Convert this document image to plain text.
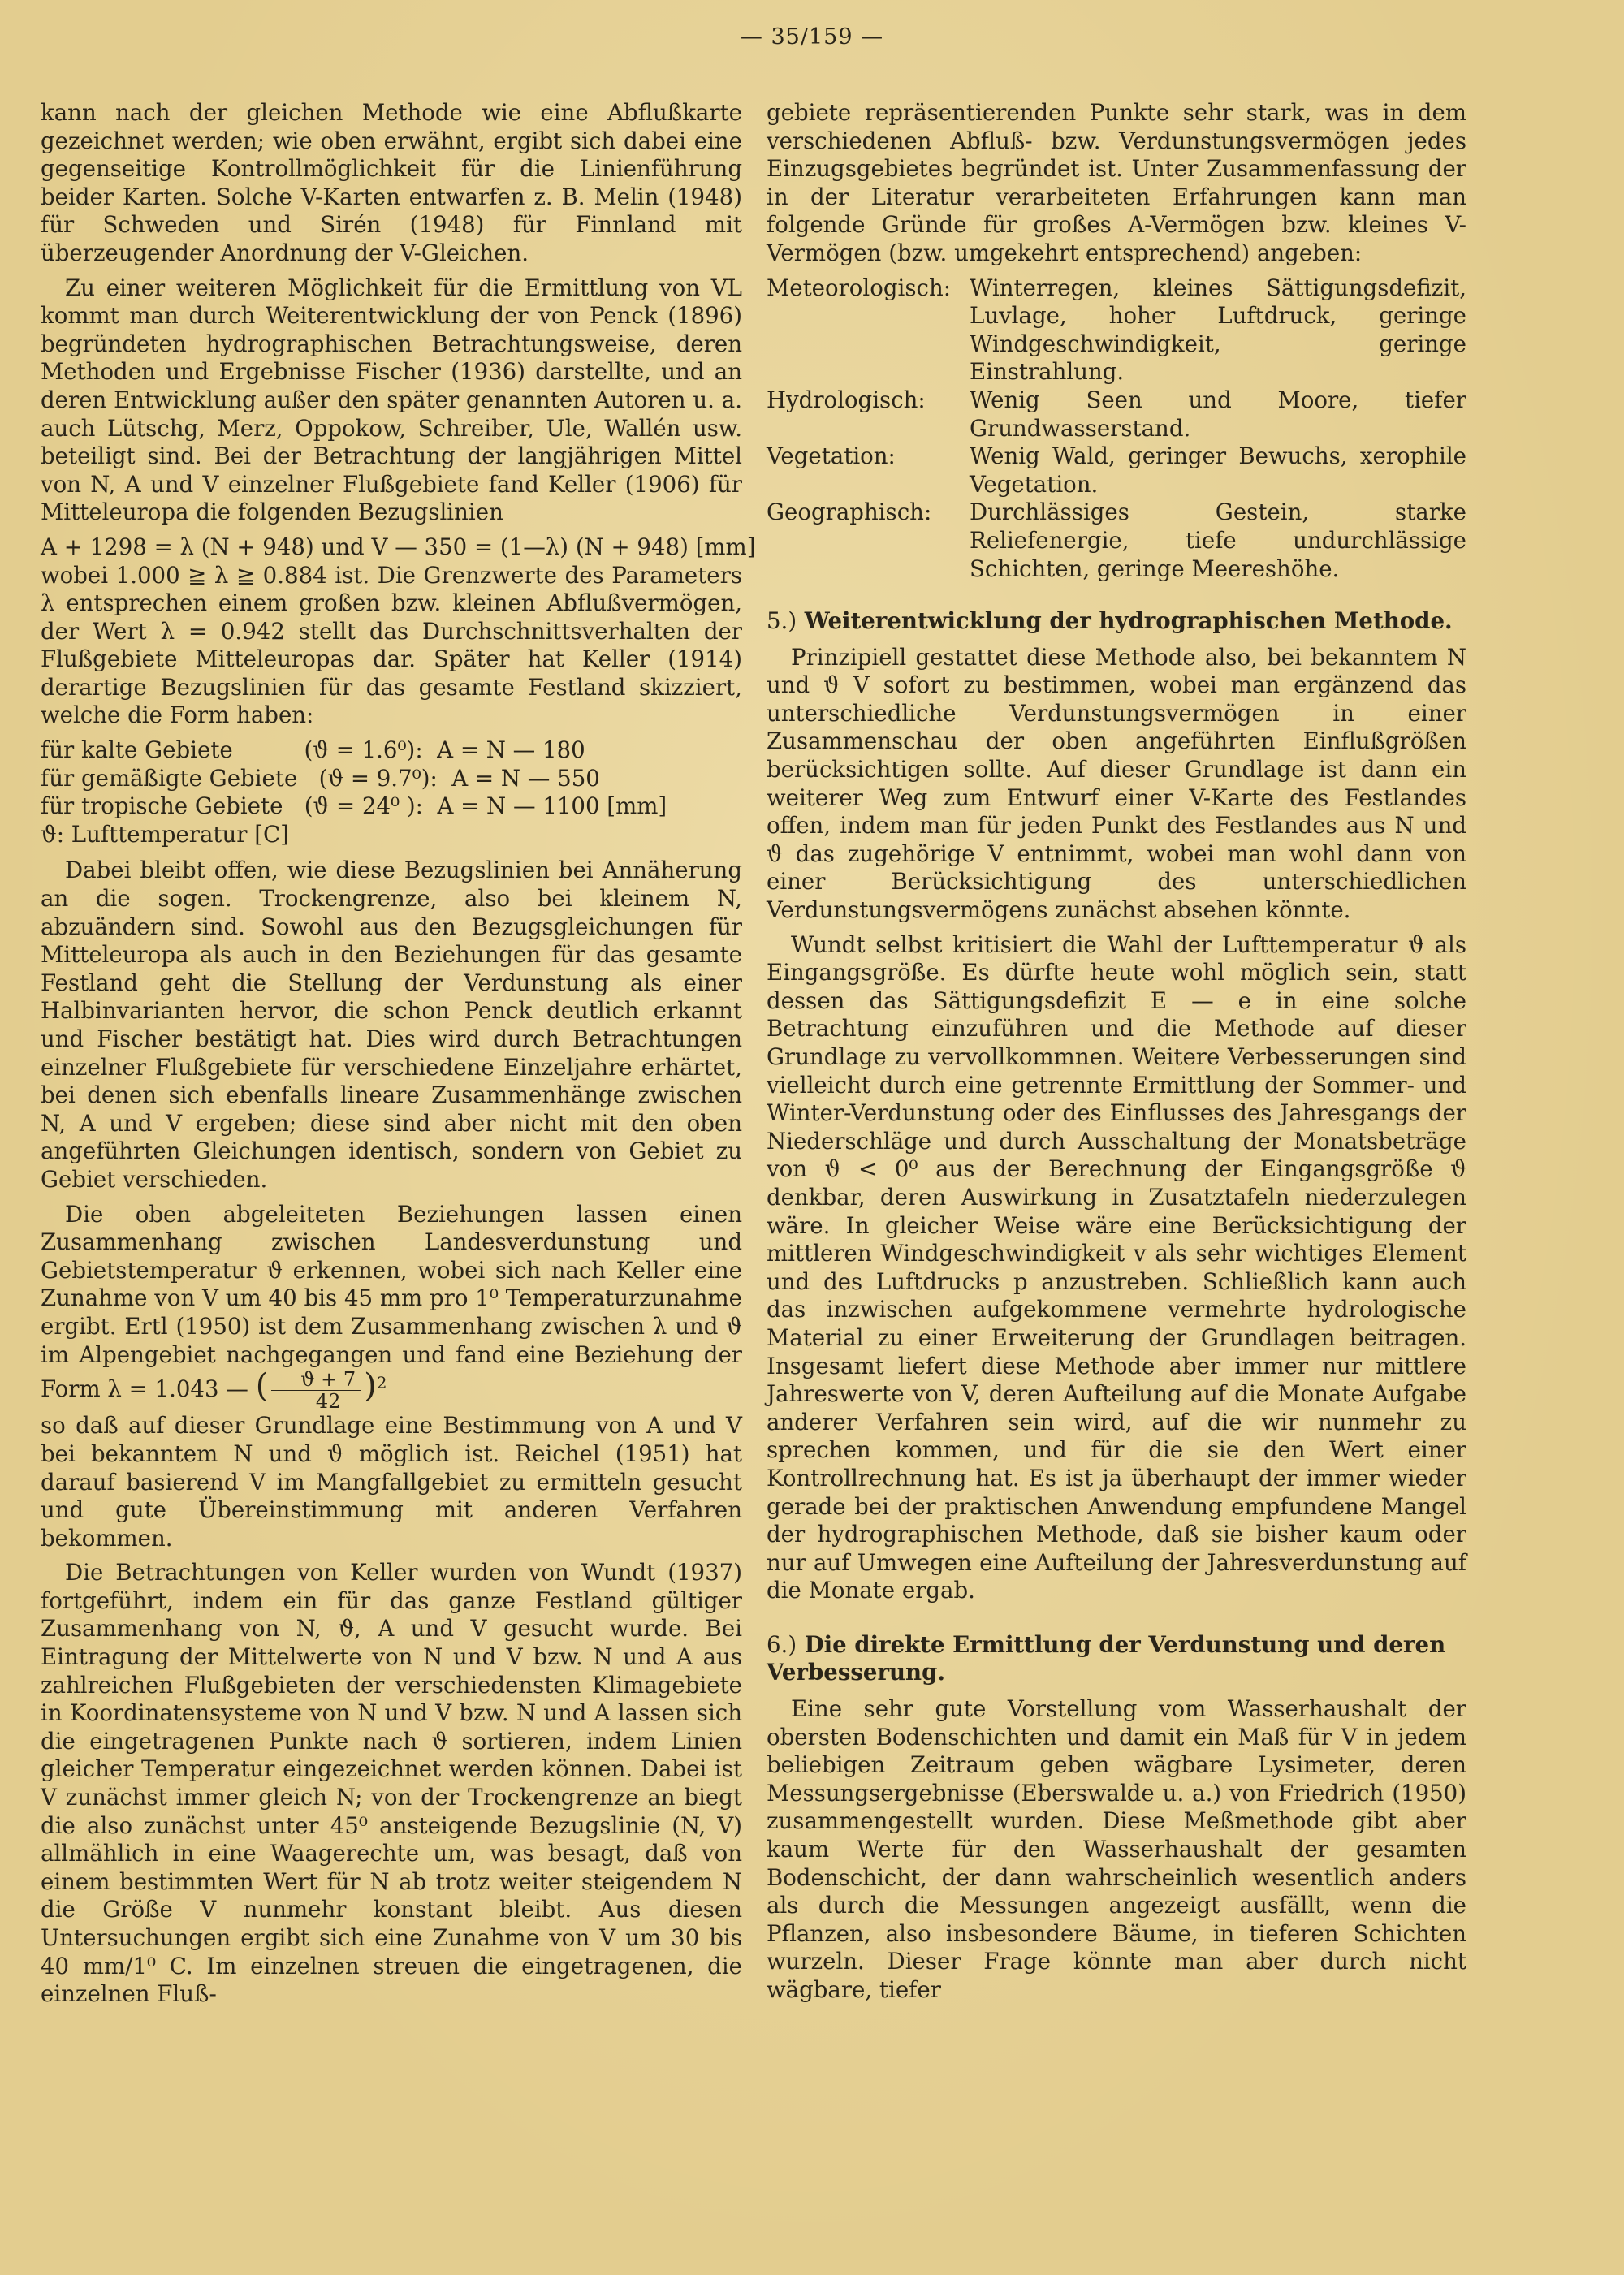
— 35/159 —

kann nach der gleichen Methode wie eine Abflußkarte gezeichnet werden; wie oben erwähnt, ergibt sich dabei eine gegenseitige Kontrollmöglichkeit für die Linienführung beider Karten. Solche V-Karten entwarfen z. B. Melin (1948) für Schweden und Sirén (1948) für Finnland mit überzeugender Anordnung der V-Gleichen.

Zu einer weiteren Möglichkeit für die Ermittlung von VL kommt man durch Weiterentwicklung der von Penck (1896) begründeten hydrographischen Betrachtungsweise, deren Methoden und Ergebnisse Fischer (1936) darstellte, und an deren Entwicklung außer den später genannten Autoren u. a. auch Lütschg, Merz, Oppokow, Schreiber, Ule, Wallén usw. beteiligt sind. Bei der Betrachtung der langjährigen Mittel von N, A und V einzelner Flußgebiete fand Keller (1906) für Mitteleuropa die folgenden Bezugslinien

A + 1298 = λ (N + 948) und V — 350 = (1—λ) (N + 948) [mm]

wobei 1.000 ≧ λ ≧ 0.884 ist. Die Grenzwerte des Parameters λ entsprechen einem großen bzw. kleinen Abflußvermögen, der Wert λ = 0.942 stellt das Durchschnittsverhalten der Flußgebiete Mitteleuropas dar. Später hat Keller (1914) derartige Bezugslinien für das gesamte Festland skizziert, welche die Form haben:

für kalte Gebiete          (ϑ = 1.6⁰):  A = N — 180
für gemäßigte Gebiete   (ϑ = 9.7⁰):  A = N — 550
für tropische Gebiete   (ϑ = 24⁰ ):  A = N — 1100 [mm]
ϑ: Lufttemperatur [C]

Dabei bleibt offen, wie diese Bezugslinien bei Annäherung an die sogen. Trockengrenze, also bei kleinem N, abzuändern sind. Sowohl aus den Bezugsgleichungen für Mitteleuropa als auch in den Beziehungen für das gesamte Festland geht die Stellung der Verdunstung als einer Halbinvarianten hervor, die schon Penck deutlich erkannt und Fischer bestätigt hat. Dies wird durch Betrachtungen einzelner Flußgebiete für verschiedene Einzeljahre erhärtet, bei denen sich ebenfalls lineare Zusammenhänge zwischen N, A und V ergeben; diese sind aber nicht mit den oben angeführten Gleichungen identisch, sondern von Gebiet zu Gebiet verschieden.

Die oben abgeleiteten Beziehungen lassen einen Zusammenhang zwischen Landesverdunstung und Gebietstemperatur ϑ erkennen, wobei sich nach Keller eine Zunahme von V um 40 bis 45 mm pro 1⁰ Temperaturzunahme ergibt. Ertl (1950) ist dem Zusammenhang zwischen λ und ϑ im Alpengebiet nachgegangen und fand eine Beziehung der Form λ = 1.043 — ( $\frac{ϑ + 7}{42} )^2$

so daß auf dieser Grundlage eine Bestimmung von A und V bei bekanntem N und ϑ möglich ist. Reichel (1951) hat darauf basierend V im Mangfallgebiet zu ermitteln gesucht und gute Übereinstimmung mit anderen Verfahren bekommen.

Die Betrachtungen von Keller wurden von Wundt (1937) fortgeführt, indem ein für das ganze Festland gültiger Zusammenhang von N, ϑ, A und V gesucht wurde. Bei Eintragung der Mittelwerte von N und V bzw. N und A aus zahlreichen Flußgebieten der verschiedensten Klimagebiete in Koordinatensysteme von N und V bzw. N und A lassen sich die eingetragenen Punkte nach ϑ sortieren, indem Linien gleicher Temperatur eingezeichnet werden können. Dabei ist V zunächst immer gleich N; von der Trockengrenze an biegt die also zunächst unter 45⁰ ansteigende Bezugslinie (N, V) allmählich in eine Waagerechte um, was besagt, daß von einem bestimmten Wert für N ab trotz weiter steigendem N die Größe V nunmehr konstant bleibt. Aus diesen Untersuchungen ergibt sich eine Zunahme von V um 30 bis 40 mm/1⁰ C. Im einzelnen streuen die eingetragenen, die einzelnen Fluß-

gebiete repräsentierenden Punkte sehr stark, was in dem verschiedenen Abfluß- bzw. Verdunstungsvermögen jedes Einzugsgebietes begründet ist. Unter Zusammenfassung der in der Literatur verarbeiteten Erfahrungen kann man folgende Gründe für großes A-Vermögen bzw. kleines V-Vermögen (bzw. umgekehrt entsprechend) angeben:

Meteorologisch: Winterregen, kleines Sättigungsdefizit, Luvlage, hoher Luftdruck, geringe Windgeschwindigkeit, geringe Einstrahlung.
Hydrologisch:	Wenig Seen und Moore, tiefer Grundwasserstand.
Vegetation:	Wenig Wald, geringer Bewuchs, xerophile Vegetation.
Geographisch:	Durchlässiges Gestein, starke Reliefenergie, tiefe undurchlässige Schichten, geringe Meereshöhe.
5.) Weiterentwicklung der hydrographischen Methode.

Prinzipiell gestattet diese Methode also, bei bekanntem N und ϑ V sofort zu bestimmen, wobei man ergänzend das unterschiedliche Verdunstungsvermögen in einer Zusammenschau der oben angeführten Einflußgrößen berücksichtigen sollte. Auf dieser Grundlage ist dann ein weiterer Weg zum Entwurf einer V-Karte des Festlandes offen, indem man für jeden Punkt des Festlandes aus N und ϑ das zugehörige V entnimmt, wobei man wohl dann von einer Berücksichtigung des unterschiedlichen Verdunstungsvermögens zunächst absehen könnte.

Wundt selbst kritisiert die Wahl der Lufttemperatur ϑ als Eingangsgröße. Es dürfte heute wohl möglich sein, statt dessen das Sättigungsdefizit E — e in eine solche Betrachtung einzuführen und die Methode auf dieser Grundlage zu vervollkommnen. Weitere Verbesserungen sind vielleicht durch eine getrennte Ermittlung der Sommer- und Winter-Verdunstung oder des Einflusses des Jahresgangs der Niederschläge und durch Ausschaltung der Monatsbeträge von ϑ < 0⁰ aus der Berechnung der Eingangsgröße ϑ denkbar, deren Auswirkung in Zusatztafeln niederzulegen wäre. In gleicher Weise wäre eine Berücksichtigung der mittleren Windgeschwindigkeit v als sehr wichtiges Element und des Luftdrucks p anzustreben. Schließlich kann auch das inzwischen aufgekommene vermehrte hydrologische Material zu einer Erweiterung der Grundlagen beitragen. Insgesamt liefert diese Methode aber immer nur mittlere Jahreswerte von V, deren Aufteilung auf die Monate Aufgabe anderer Verfahren sein wird, auf die wir nunmehr zu sprechen kommen, und für die sie den Wert einer Kontrollrechnung hat. Es ist ja überhaupt der immer wieder gerade bei der praktischen Anwendung empfundene Mangel der hydrographischen Methode, daß sie bisher kaum oder nur auf Umwegen eine Aufteilung der Jahresverdunstung auf die Monate ergab.

6.) Die direkte Ermittlung der Verdunstung und deren Verbesserung.

Eine sehr gute Vorstellung vom Wasserhaushalt der obersten Bodenschichten und damit ein Maß für V in jedem beliebigen Zeitraum geben wägbare Lysimeter, deren Messungsergebnisse (Eberswalde u. a.) von Friedrich (1950) zusammengestellt wurden. Diese Meßmethode gibt aber kaum Werte für den Wasserhaushalt der gesamten Bodenschicht, der dann wahrscheinlich wesentlich anders als durch die Messungen angezeigt ausfällt, wenn die Pflanzen, also insbesondere Bäume, in tieferen Schichten wurzeln. Dieser Frage könnte man aber durch nicht wägbare, tiefer
